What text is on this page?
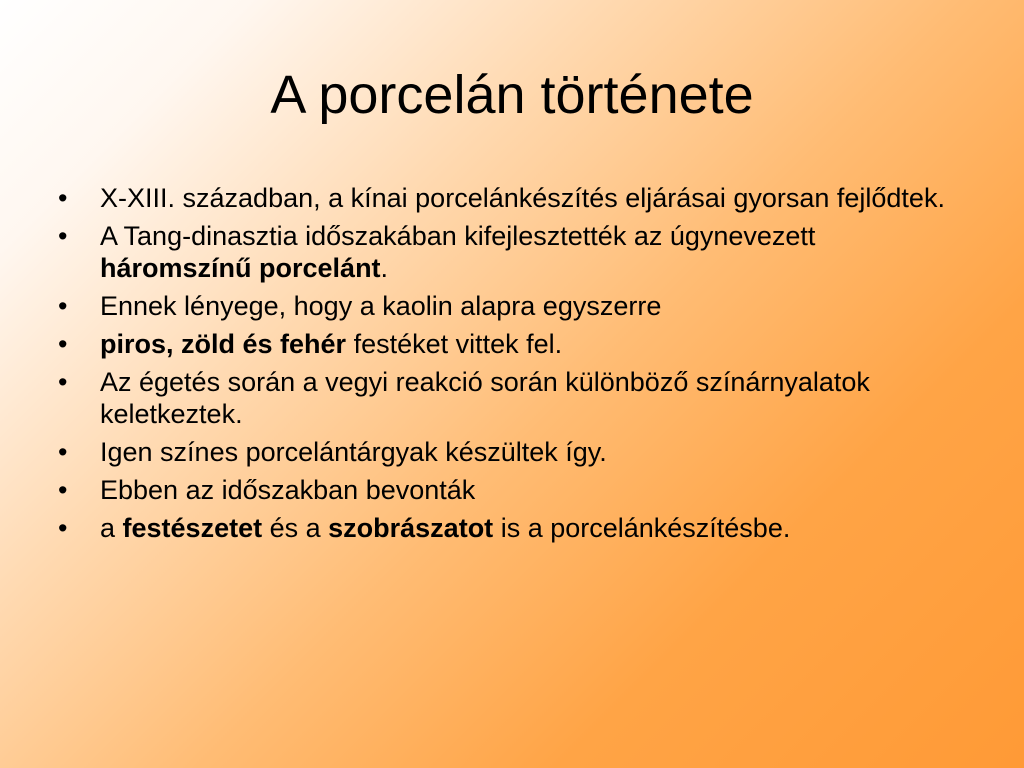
A porcelán története
•	X-XIII. században, a kínai porcelánkészítés eljárásai gyorsan fejlődtek.
•	A Tang-dinasztia időszakában kifejlesztették az úgynevezett háromszínű porcelánt.
•	Ennek lényege, hogy a kaolin alapra egyszerre
•	piros, zöld és fehér festéket vittek fel.
•	Az égetés során a vegyi reakció során különböző színárnyalatok keletkeztek.
•	Igen színes porcelántárgyak készültek így.
•	Ebben az időszakban bevonták
•	a festészetet és a szobrászatot is a porcelánkészítésbe.
